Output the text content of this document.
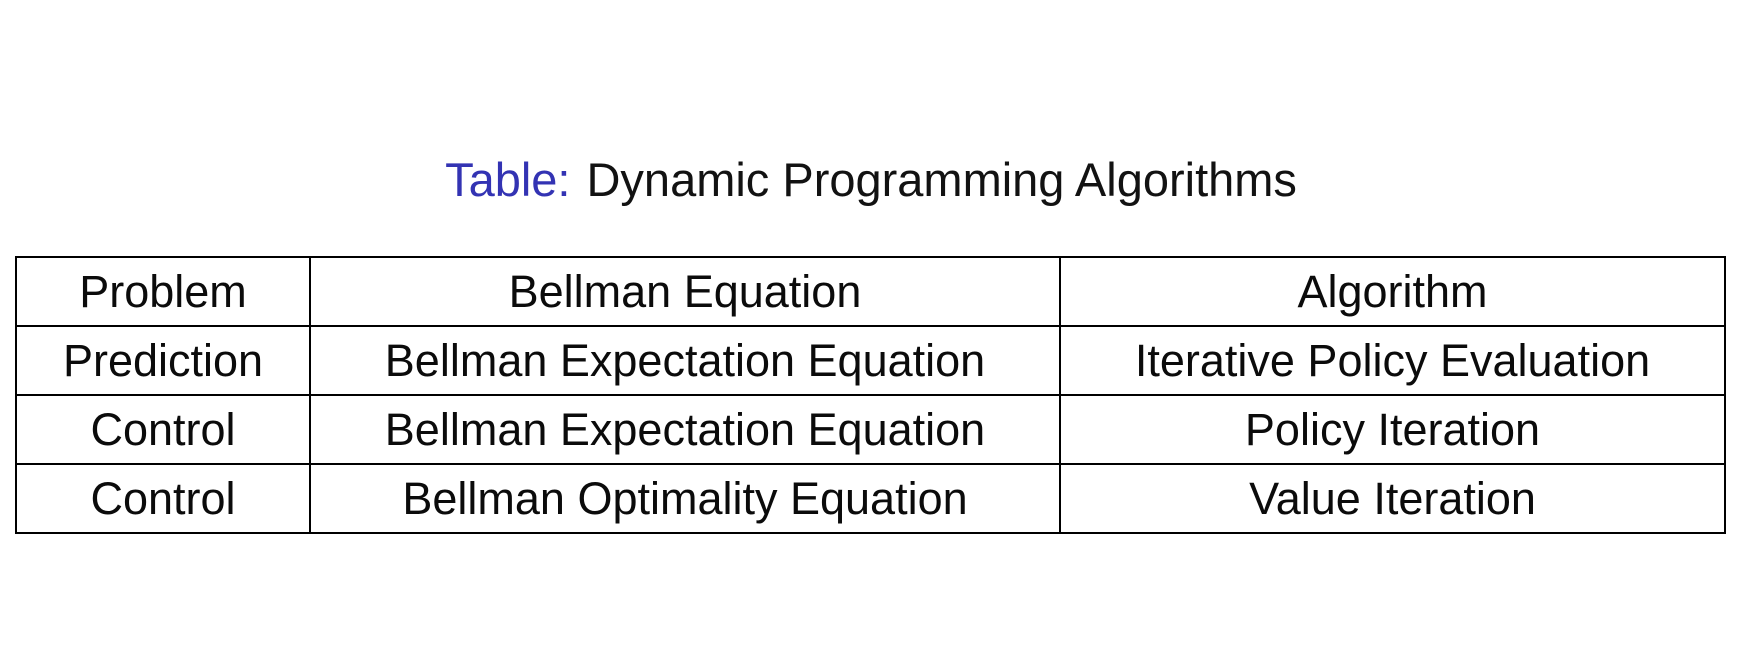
Table: Dynamic Programming Algorithms
Problem	Bellman Equation	Algorithm
Prediction	Bellman Expectation Equation	Iterative Policy Evaluation
Control	Bellman Expectation Equation	Policy Iteration
Control	Bellman Optimality Equation	Value Iteration
